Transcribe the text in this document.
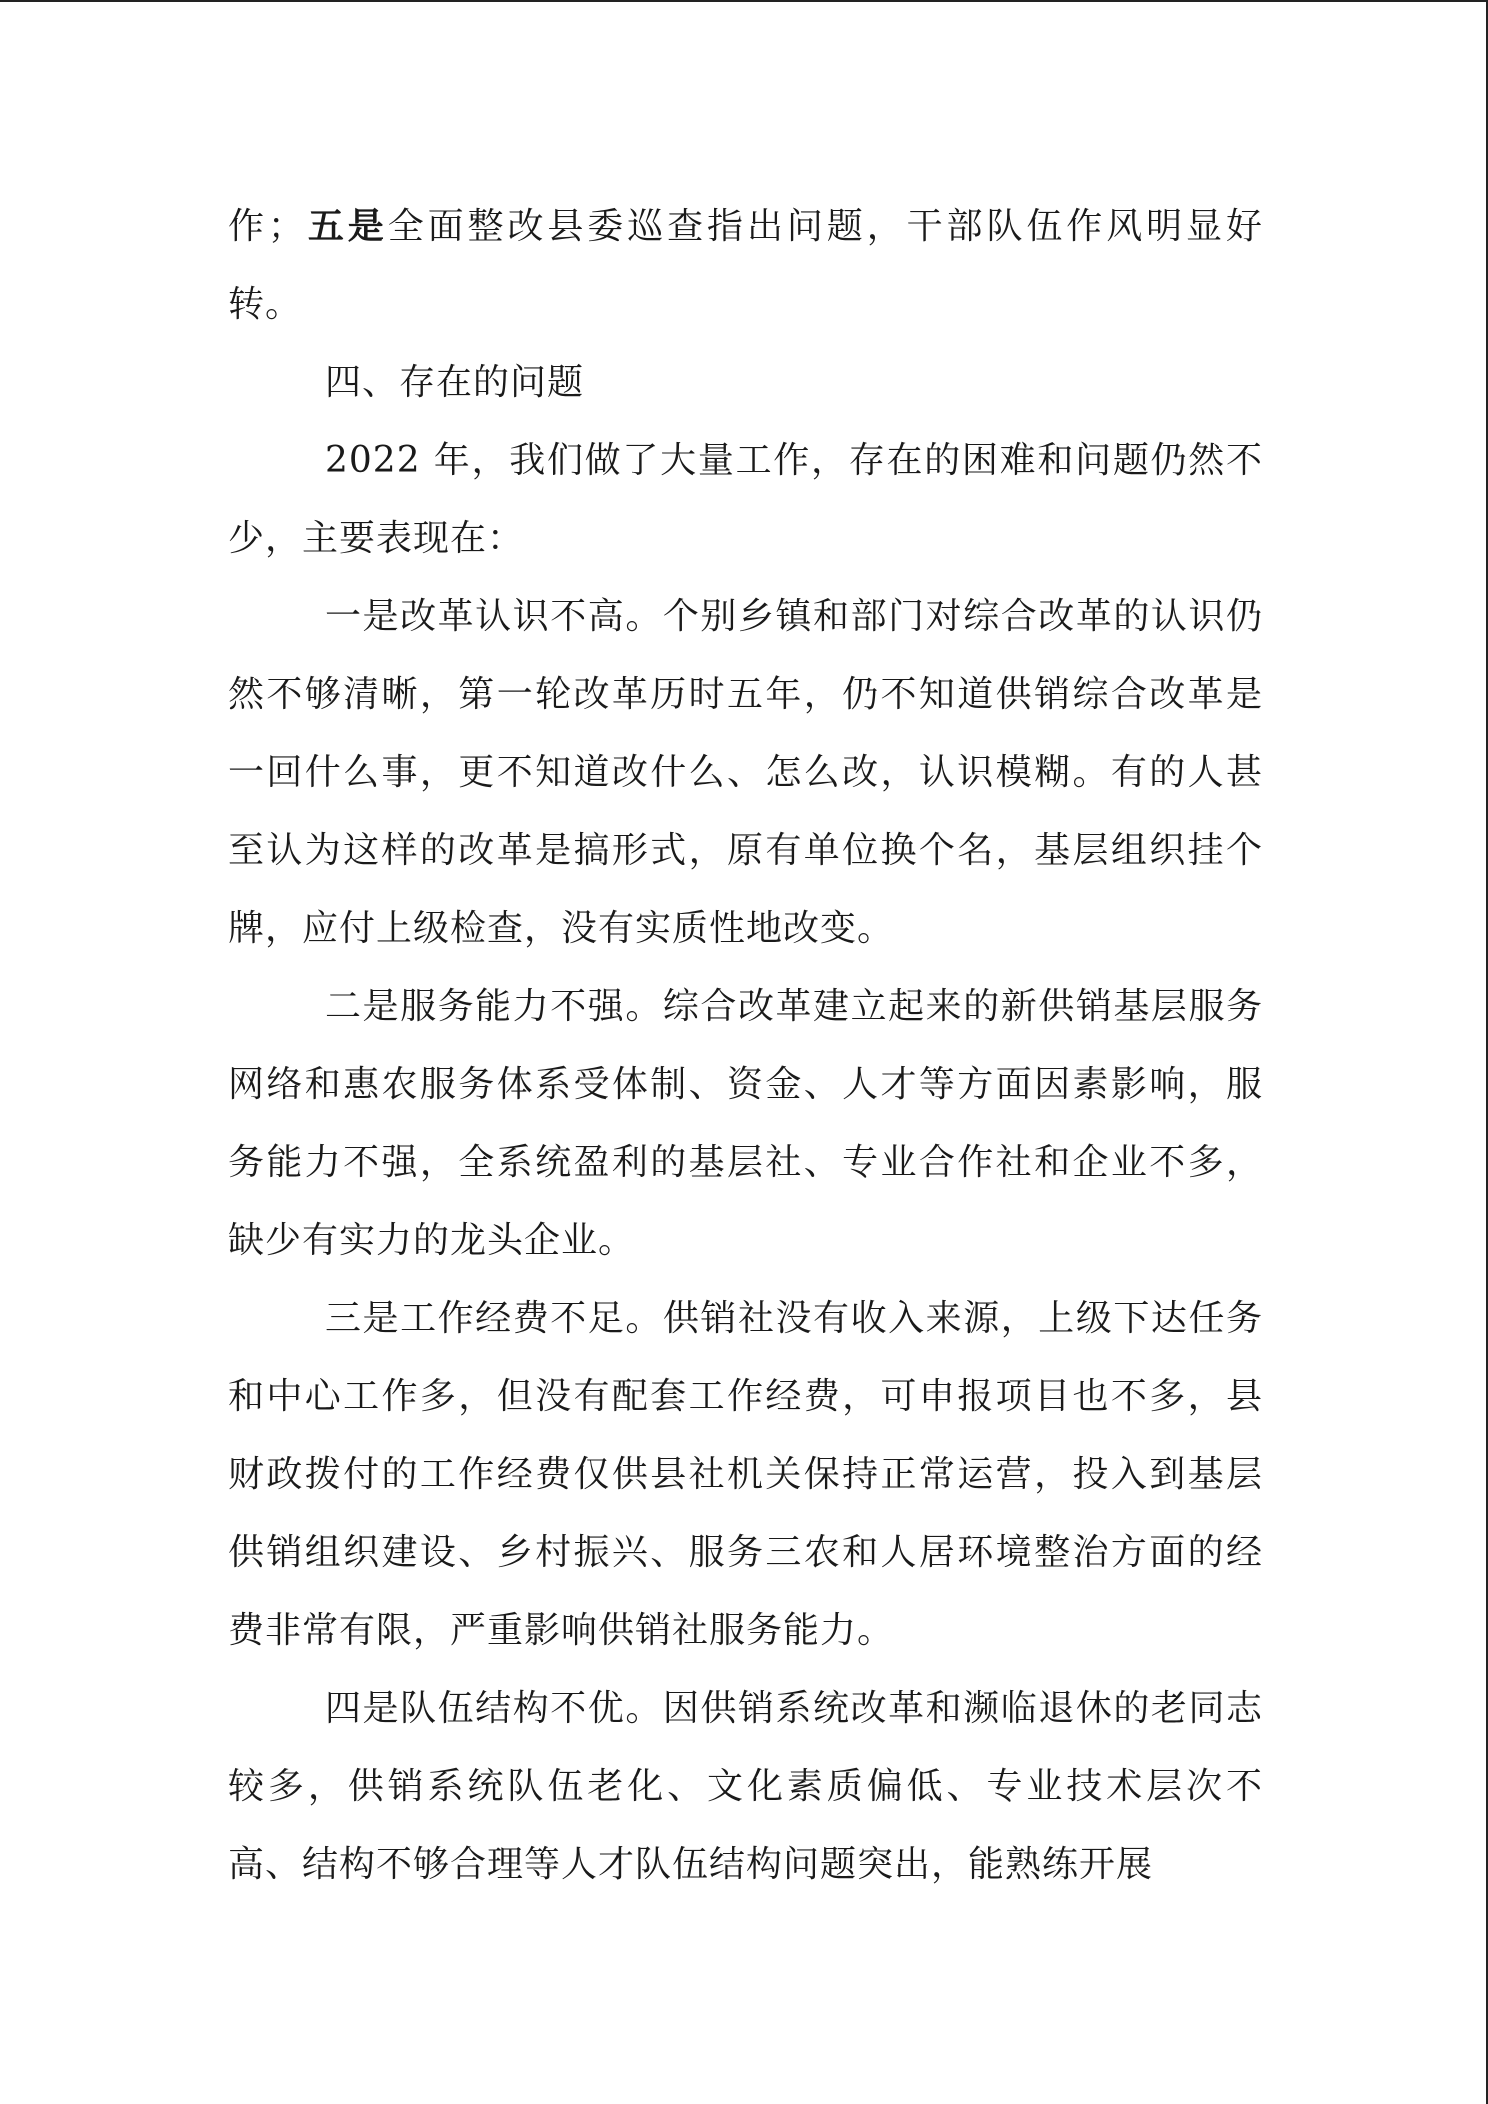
作；五是全面整改县委巡查指出问题，干部队伍作风明显好转。

四、存在的问题

2022 年，我们做了大量工作，存在的困难和问题仍然不少，主要表现在：

一是改革认识不高。个别乡镇和部门对综合改革的认识仍然不够清晰，第一轮改革历时五年，仍不知道供销综合改革是一回什么事，更不知道改什么、怎么改，认识模糊。有的人甚至认为这样的改革是搞形式，原有单位换个名，基层组织挂个牌，应付上级检查，没有实质性地改变。

二是服务能力不强。综合改革建立起来的新供销基层服务网络和惠农服务体系受体制、资金、人才等方面因素影响，服务能力不强，全系统盈利的基层社、专业合作社和企业不多，缺少有实力的龙头企业。

三是工作经费不足。供销社没有收入来源，上级下达任务和中心工作多，但没有配套工作经费，可申报项目也不多，县财政拨付的工作经费仅供县社机关保持正常运营，投入到基层供销组织建设、乡村振兴、服务三农和人居环境整治方面的经费非常有限，严重影响供销社服务能力。

四是队伍结构不优。因供销系统改革和濒临退休的老同志较多，供销系统队伍老化、文化素质偏低、专业技术层次不高、结构不够合理等人才队伍结构问题突出，能熟练开展
